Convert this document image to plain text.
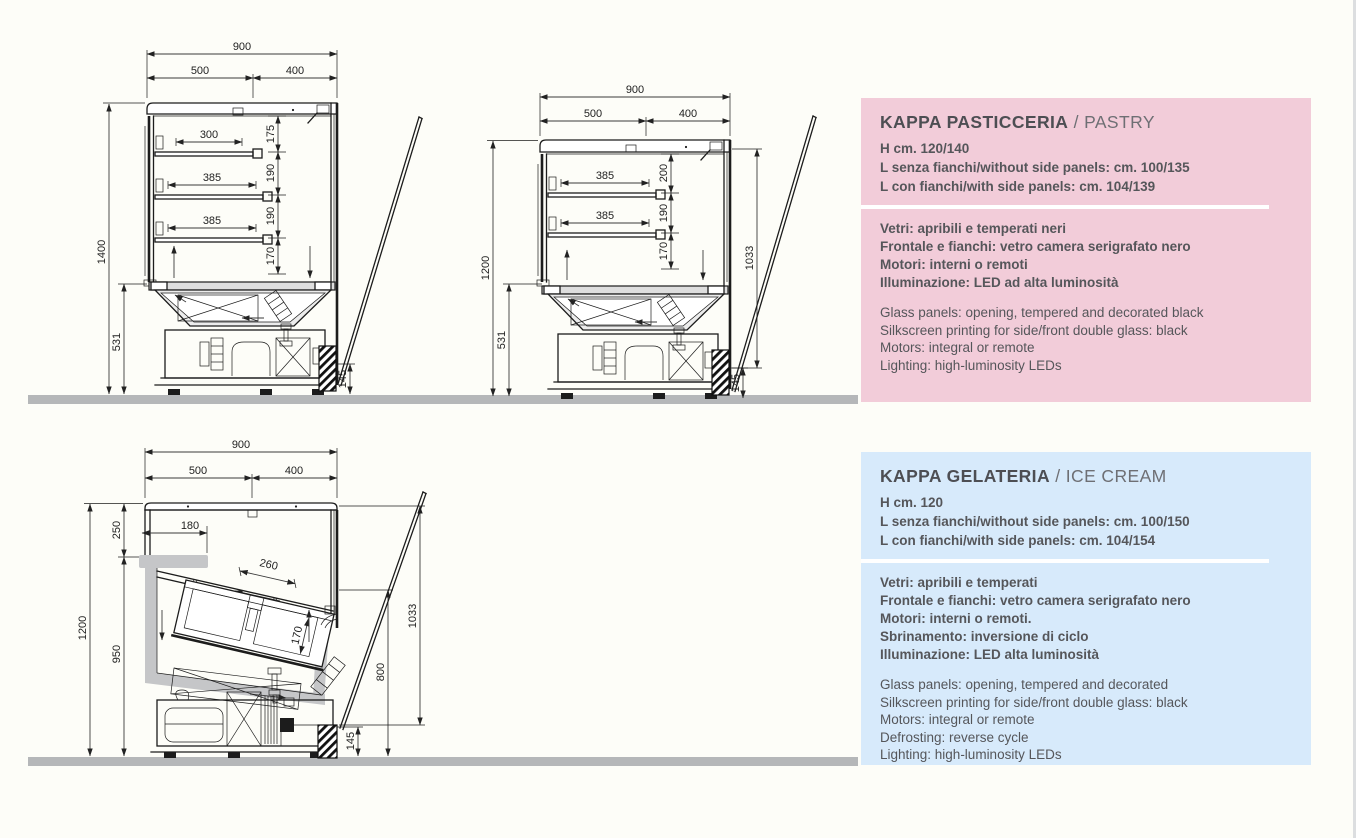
900
500	400
1400
531
300
385
385
175
190
190
170
145
900
500	400
1200
531
385
385
200
190
170
145
1033
900
500	400
1200
250
950
180
260
170
145
800
1033
KAPPA PASTICCERIA / PASTRY

H cm. 120/140

L senza fianchi/without side panels: cm. 100/135

L con fianchi/with side panels: cm. 104/139

Vetri: apribili e temperati neri

Frontale e fianchi: vetro camera serigrafato nero

Motori: interni o remoti

Illuminazione: LED ad alta luminosità

Glass panels: opening, tempered and decorated black

Silkscreen printing for side/front double glass: black

Motors: integral or remote

Lighting: high-luminosity LEDs

KAPPA GELATERIA / ICE CREAM

H cm. 120

L senza fianchi/without side panels: cm. 100/150

L con fianchi/with side panels: cm. 104/154

Vetri: apribili e temperati

Frontale e fianchi: vetro camera serigrafato nero

Motori: interni o remoti.

Sbrinamento: inversione di ciclo

Illuminazione: LED alta luminosità

Glass panels: opening, tempered and decorated

Silkscreen printing for side/front double glass: black

Motors: integral or remote

Defrosting: reverse cycle

Lighting: high-luminosity LEDs
